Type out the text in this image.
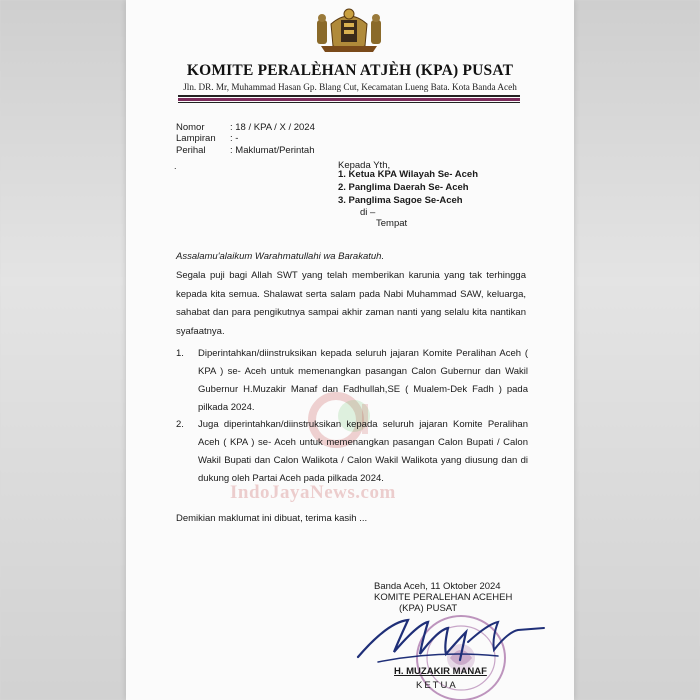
KOMITE PERALÈHAN ATJÈH (KPA) PUSAT
Jln. DR. Mr, Muhammad Hasan Gp. Blang Cut, Kecamatan Lueng Bata. Kota Banda Aceh
Nomor	: 18 / KPA / X / 2024
Lampiran : -
Perihal	: Maklumat/Perintah
.	Kepada Yth,
1. Ketua KPA Wilayah Se- Aceh
2. Panglima Daerah Se- Aceh
3. Panglima Sagoe Se-Aceh
di –
Tempat
Assalamu'alaikum Warahmatullahi wa Barakatuh.
Segala puji bagi Allah SWT yang telah memberikan karunia yang tak terhingga kepada kita semua. Shalawat serta salam pada Nabi Muhammad SAW, keluarga, sahabat dan para pengikutnya sampai akhir zaman nanti yang selalu kita nantikan syafaatnya.
1. Diperintahkan/diinstruksikan kepada seluruh jajaran Komite Peralihan Aceh ( KPA ) se- Aceh untuk memenangkan pasangan Calon Gubernur dan Wakil Gubernur H.Muzakir Manaf dan Fadhullah,SE ( Mualem-Dek Fadh ) pada pilkada 2024.
2. Juga diperintahkan/diinstruksikan kepada seluruh jajaran Komite Peralihan Aceh ( KPA ) se- Aceh untuk memenangkan pasangan Calon Bupati / Calon Wakil Bupati dan Calon Walikota / Calon Wakil Walikota yang diusung dan di dukung oleh Partai Aceh pada pilkada 2024.
IndoJayaNews.com
Demikian maklumat ini dibuat, terima kasih ...
Banda Aceh, 11 Oktober 2024
KOMITE PERALEHAN ACEHEH
(KPA) PUSAT
H. MUZAKIR MANAF
KETUA
